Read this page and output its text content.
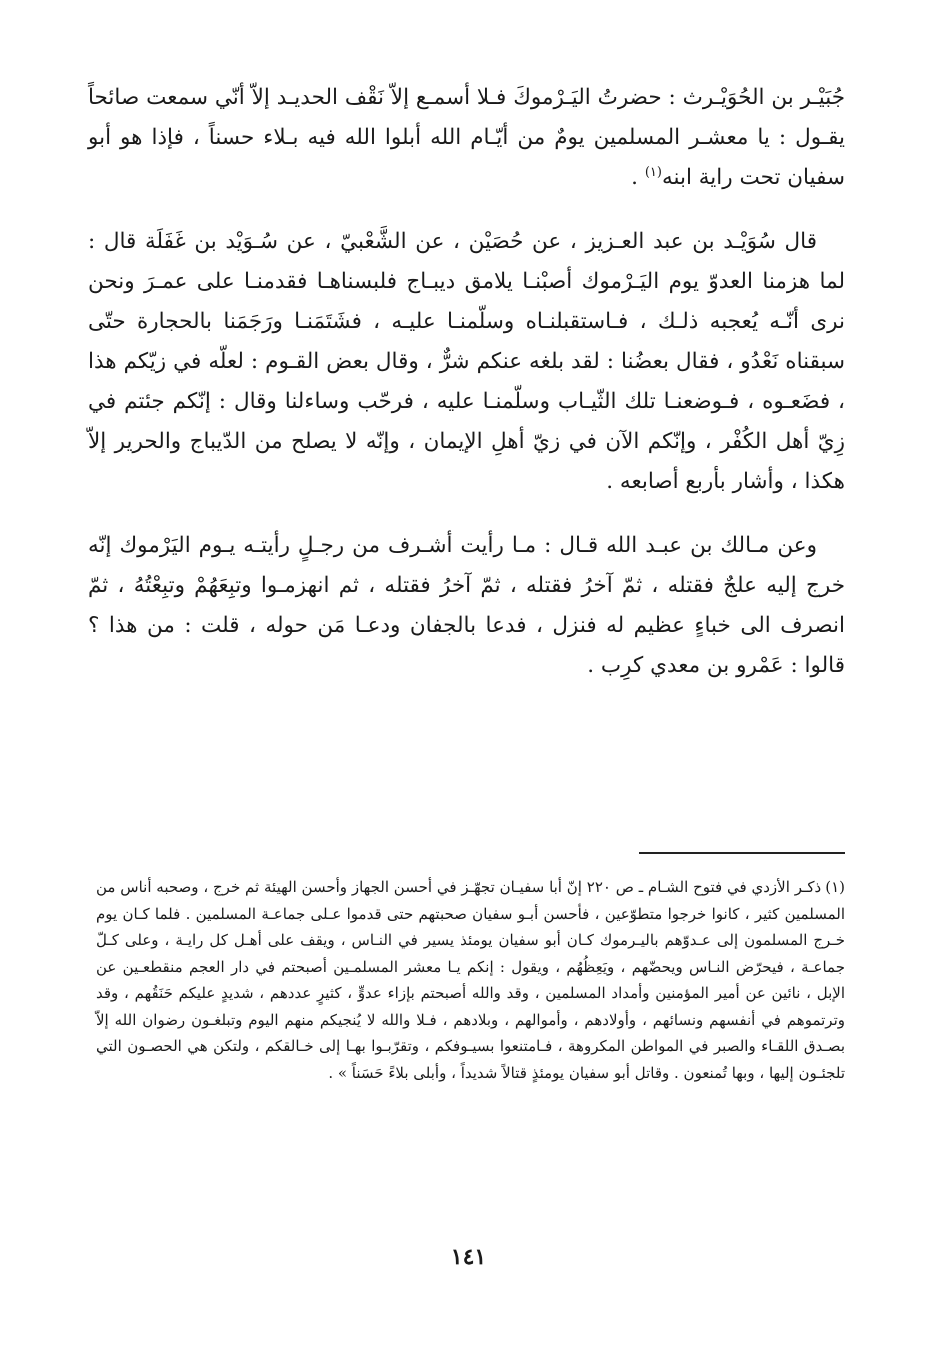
جُبَيْـر بن الحُوَيْـرث : حضرتُ اليَـرْموكَ فـلا أسمـع إلاّ نَقْف الحديـد إلاّ أنّي سمعت صائحاً يقـول : يا معشـر المسلمين يومٌ من أيّـام الله أبلوا الله فيه بـلاء حسناً ، فإذا هو أبو سفيان تحت راية ابنه$^{(١)}$ .

قال سُوَيْـد بن عبد العـزيز ، عن حُصَيْن ، عن الشَّعْبيّ ، عن سُـوَيْد بن غَفَلَة قال : لما هزمنا العدوّ يوم اليَـرْموك أصبْنـا يلامق ديبـاج فلبسناهـا فقدمنـا على عمـرَ ونحن نرى أنّـه يُعجبه ذلـك ، فـاستقبلنـاه وسلّمنـا عليـه ، فشَتَمَنـا ورَجَمَنا بالحجارة حتّى سبقناه نَعْدُو ، فقال بعضُنا : لقد بلغه عنكم شرٌّ ، وقال بعض القـوم : لعلّه في زيّكم هذا ، فضَعـوه ، فـوضعنـا تلك الثّيـاب وسلّمنـا عليه ، فرحّب وساءلنا وقال : إنّكم جئتم في زِيّ أهل الكُفْر ، وإنّكم الآن في زيّ أهلِ الإيمان ، وإنّه لا يصلح من الدّيباج والحرير إلاّ هكذا ، وأشار بأربع أصابعه .

وعن مـالك بن عبـد الله قـال : مـا رأيت أشـرف من رجـلٍ رأيتـه يـوم اليَرْموك إنّه خرج إليه علجٌ فقتله ، ثمّ آخرُ فقتله ، ثمّ آخرُ فقتله ، ثم انهزمـوا وتبِعَهُمْ وتبِعْتُهُ ، ثمّ انصرف الى خباءٍ عظيم له فنزل ، فدعا بالجفان ودعـا مَن حوله ، قلت : من هذا ؟ قالوا : عَمْرو بن معدي كرِب .

(١)ذكـر الأزدي في فتوح الشـام ـ ص ٢٢٠ إنّ أبا سفيـان تجهّـز في أحسن الجهاز وأحسن الهيئة ثم خرج ، وصحبه أناس من المسلمين كثير ، كانوا خرجوا متطوّعين ، فأحسن أبـو سفيان صحبتهم حتى قدموا عـلى جماعـة المسلمين . فلما كـان يوم خـرج المسلمون إلى عـدوّهم باليـرموك كـان أبو سفيان يومئذ يسير في النـاس ، ويقف على أهـل كل رايـة ، وعلى كـلّ جماعـة ، فيحرّض النـاس ويحضّهم ، ويَعِظُهُم ، ويقول : إنكم يـا معشر المسلمـين أصبحتم في دار العجم منقطعـين عن الإبل ، نائين عن أمير المؤمنين وأمداد المسلمين ، وقد والله أصبحتم بإزاء عدوٍّ ، كثيرٍ عددهم ، شديدٍ عليكم حَنَقُهم ، وقد وترتموهم في أنفسهم ونسائهم ، وأولادهم ، وأموالهم ، وبلادهم ، فـلا والله لا يُنجيكم منهم اليوم وتبلغـون رضوان الله إلاّ بصـدق اللقـاء والصبر في المواطن المكروهة ، فـامتنعوا بسيـوفكم ، وتقرّبـوا بهـا إلى خـالقكم ، ولتكن هي الحصـون التي تلجئـون إليها ، وبها تُمنعون . وقاتل أبو سفيان يومئذٍ قتالاً شديداً ، وأبلى بلاءً حَسَناً » .

١٤١
